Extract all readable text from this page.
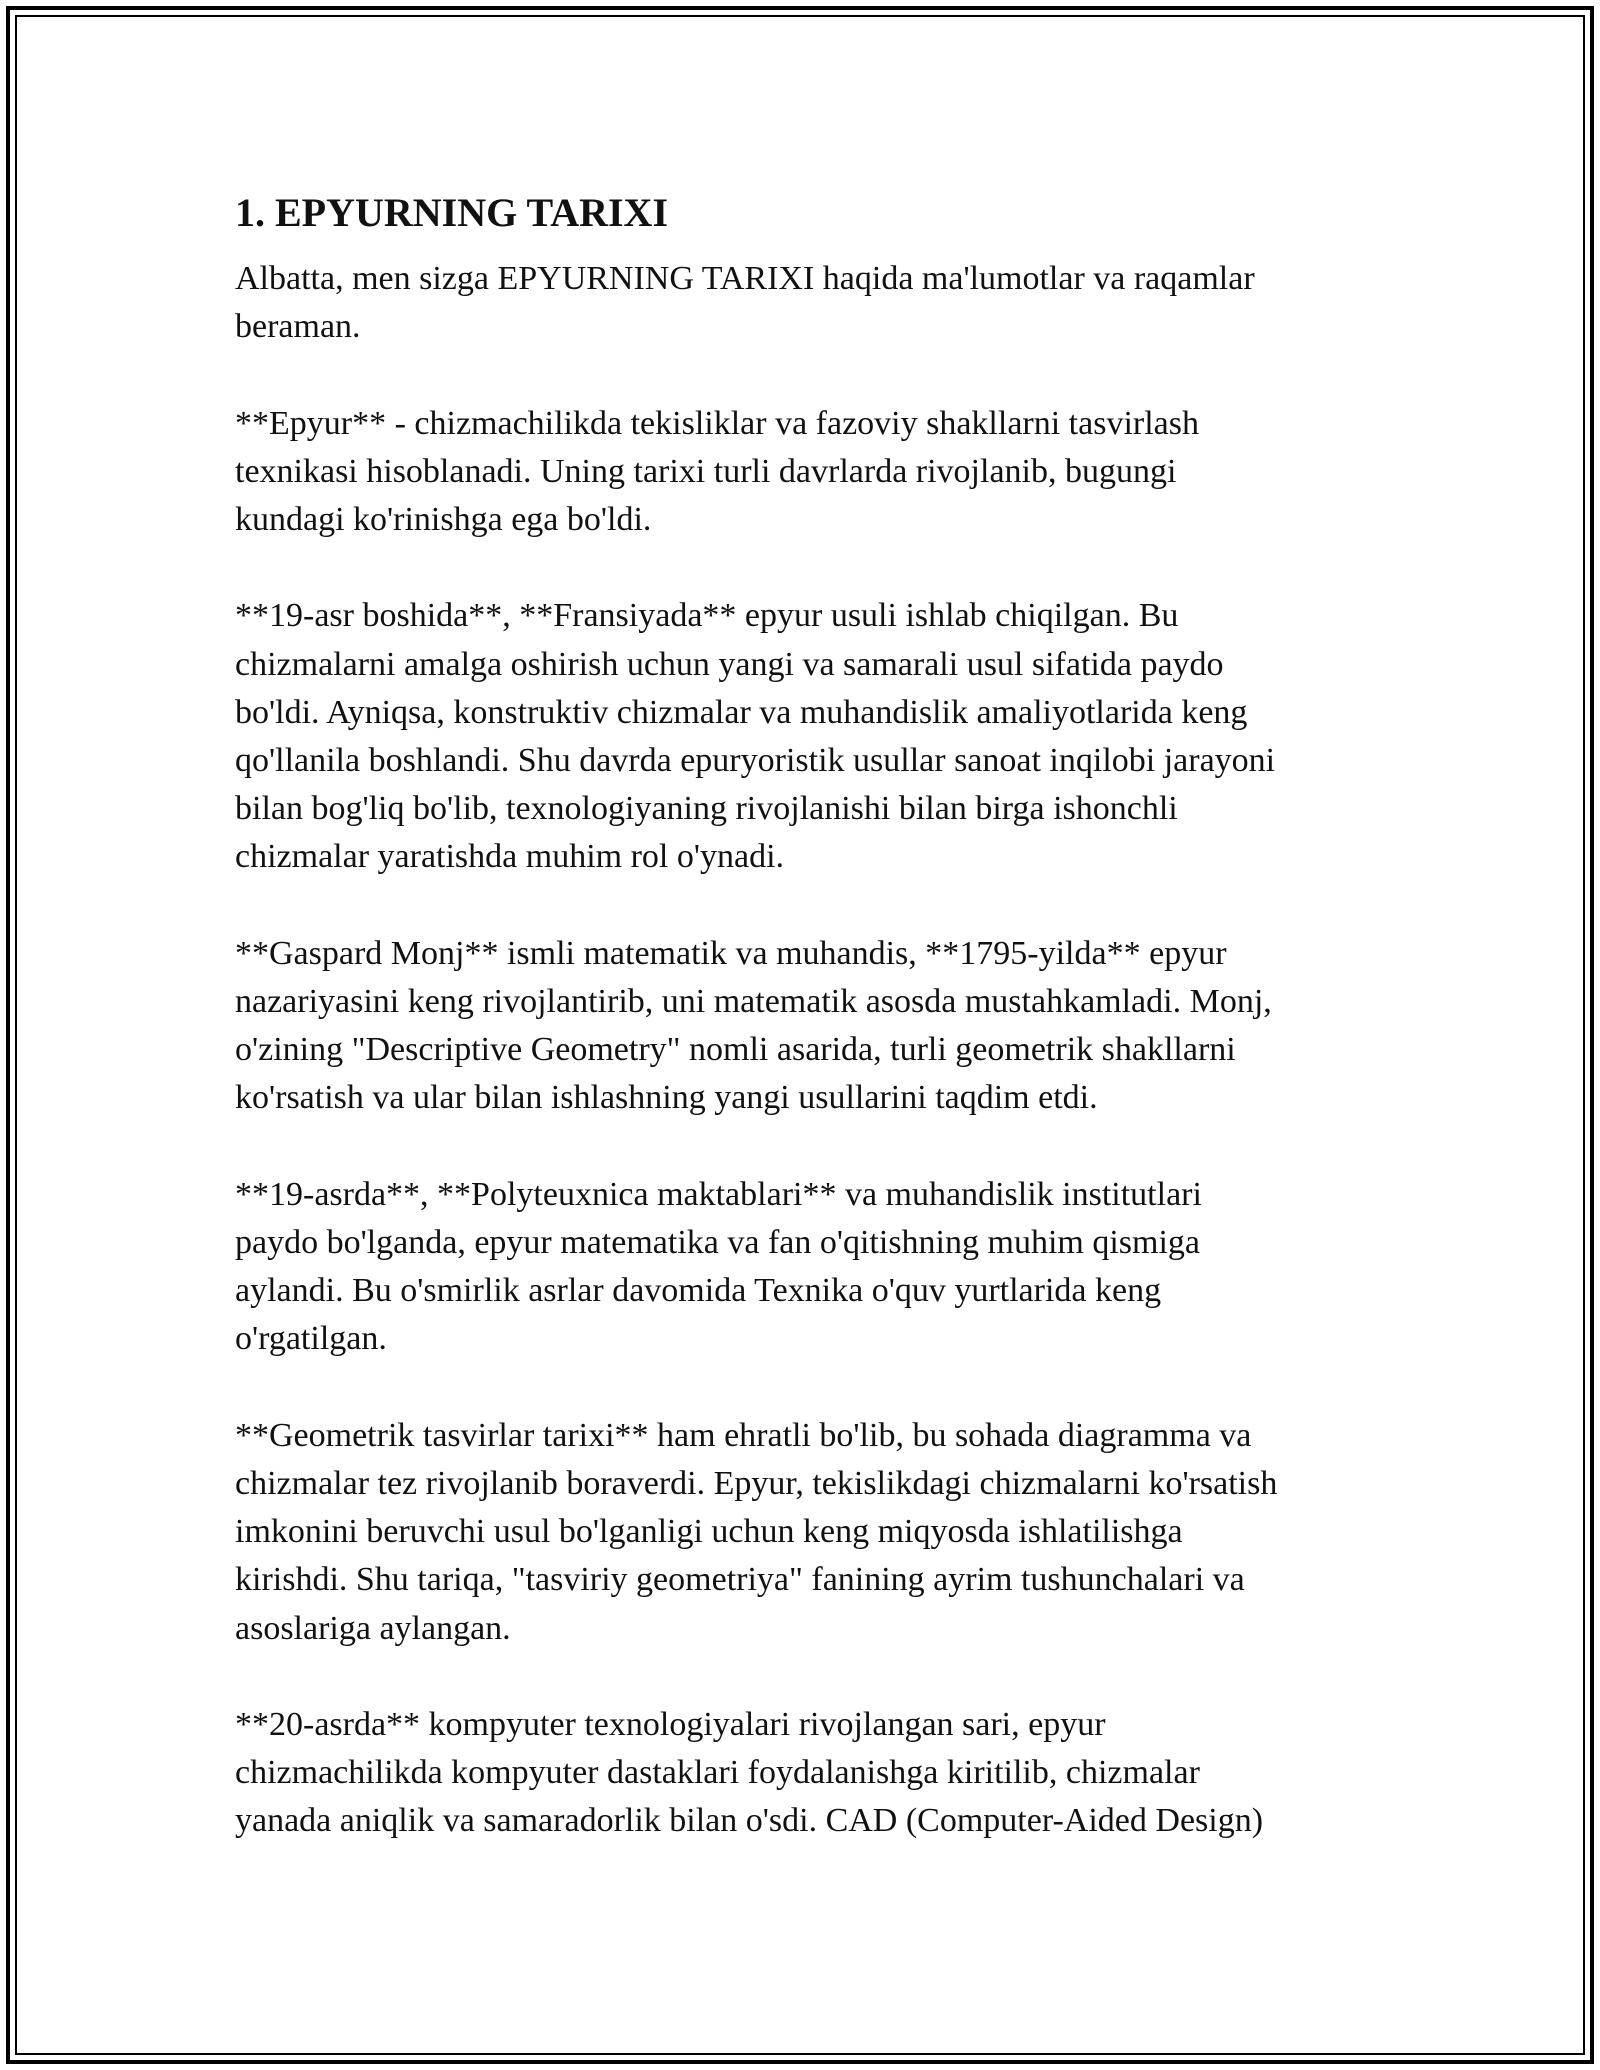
1. EPYURNING TARIXI
Albatta, men sizga EPYURNING TARIXI haqida ma'lumotlar va raqamlar
beraman.
**Epyur** - chizmachilikda tekisliklar va fazoviy shakllarni tasvirlash
texnikasi hisoblanadi. Uning tarixi turli davrlarda rivojlanib, bugungi
kundagi ko'rinishga ega bo'ldi.
**19-asr boshida**, **Fransiyada** epyur usuli ishlab chiqilgan. Bu
chizmalarni amalga oshirish uchun yangi va samarali usul sifatida paydo
bo'ldi. Ayniqsa, konstruktiv chizmalar va muhandislik amaliyotlarida keng
qo'llanila boshlandi. Shu davrda epuryoristik usullar sanoat inqilobi jarayoni
bilan bog'liq bo'lib, texnologiyaning rivojlanishi bilan birga ishonchli
chizmalar yaratishda muhim rol o'ynadi.
**Gaspard Monj** ismli matematik va muhandis, **1795-yilda** epyur
nazariyasini keng rivojlantirib, uni matematik asosda mustahkamladi. Monj,
o'zining "Descriptive Geometry" nomli asarida, turli geometrik shakllarni
ko'rsatish va ular bilan ishlashning yangi usullarini taqdim etdi.
**19-asrda**, **Polyteuxnica maktablari** va muhandislik institutlari
paydo bo'lganda, epyur matematika va fan o'qitishning muhim qismiga
aylandi. Bu o'smirlik asrlar davomida Texnika o'quv yurtlarida keng
o'rgatilgan.
**Geometrik tasvirlar tarixi** ham ehratli bo'lib, bu sohada diagramma va
chizmalar tez rivojlanib boraverdi. Epyur, tekislikdagi chizmalarni ko'rsatish
imkonini beruvchi usul bo'lganligi uchun keng miqyosda ishlatilishga
kirishdi. Shu tariqa, "tasviriy geometriya" fanining ayrim tushunchalari va
asoslariga aylangan.
**20-asrda** kompyuter texnologiyalari rivojlangan sari, epyur
chizmachilikda kompyuter dastaklari foydalanishga kiritilib, chizmalar
yanada aniqlik va samaradorlik bilan o'sdi. CAD (Computer-Aided Design)
